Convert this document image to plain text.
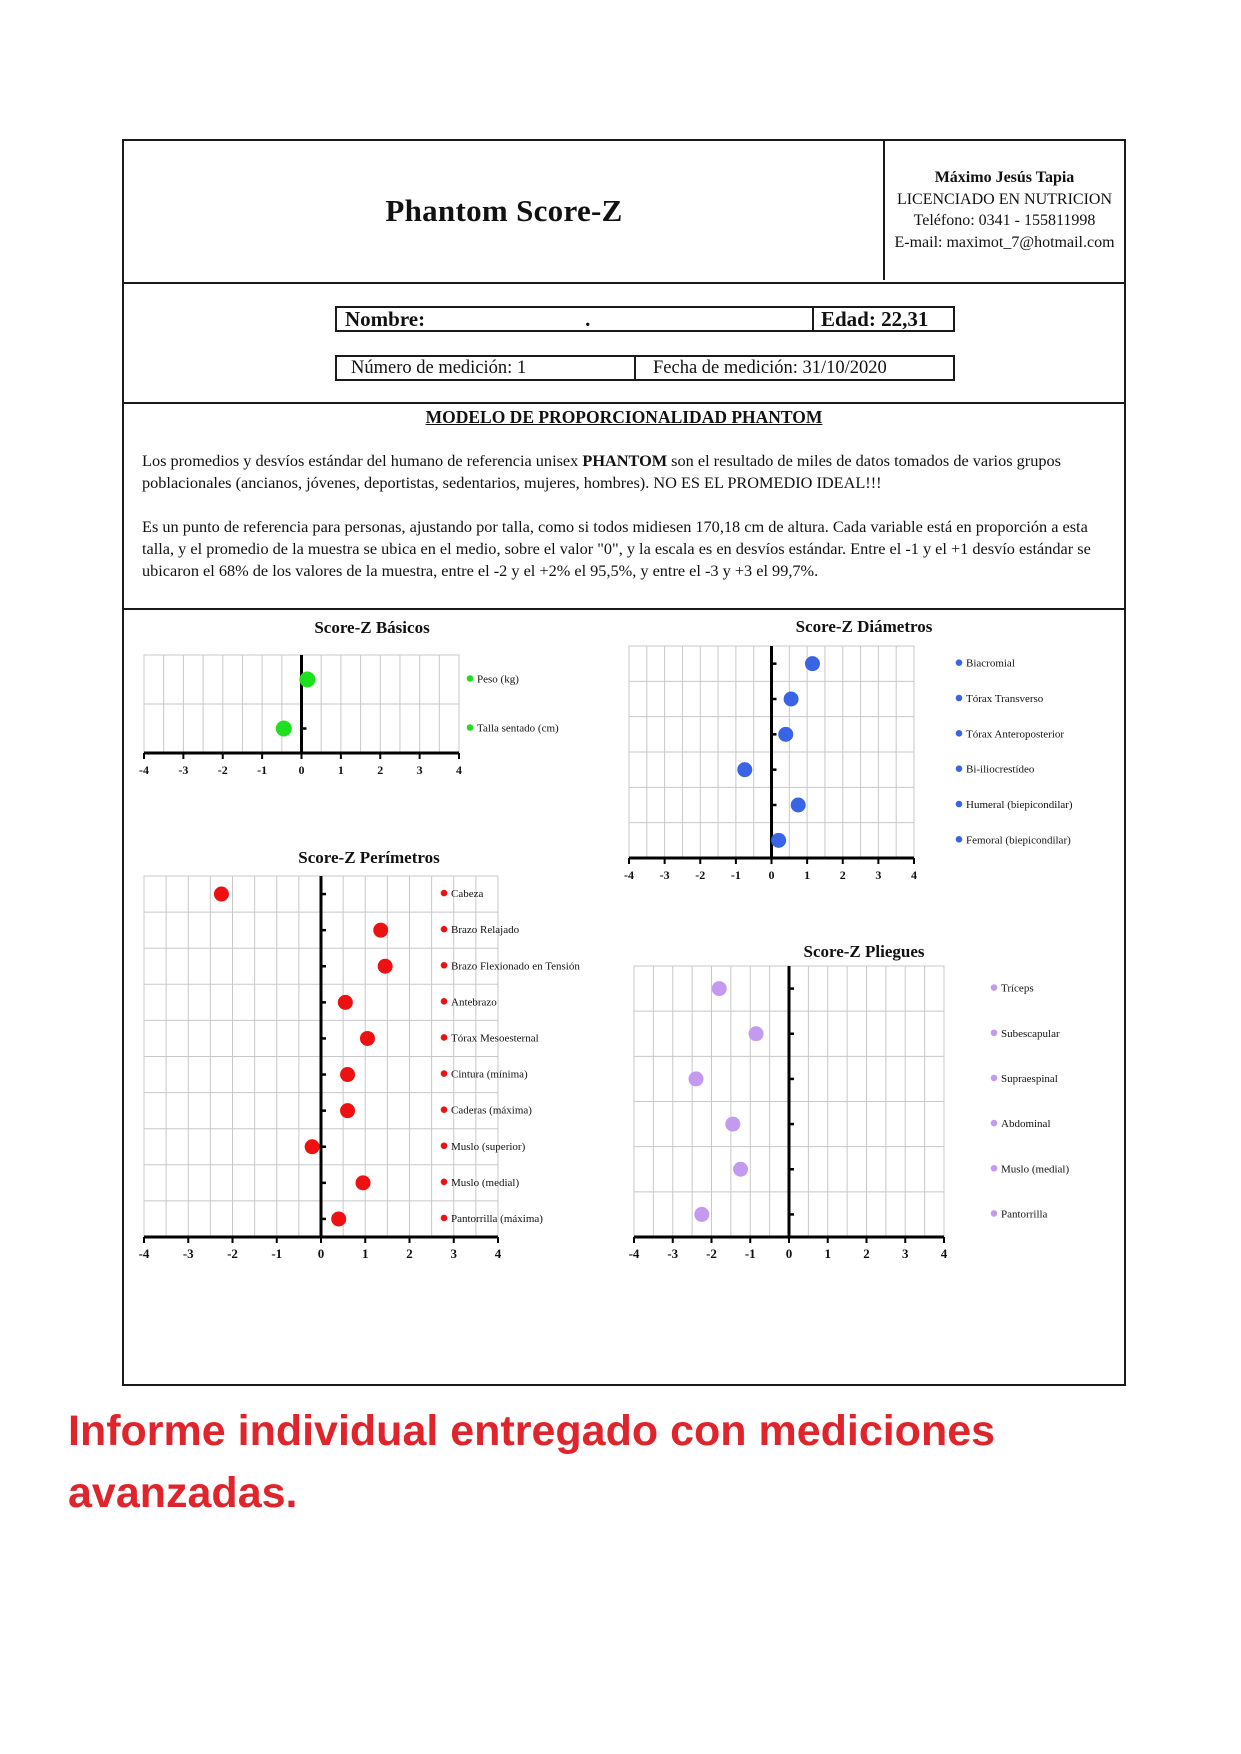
Phantom Score-Z
Máximo Jesús Tapia
LICENCIADO EN NUTRICION
Teléfono: 0341 - 155811998
E-mail: maximot_7@hotmail.com
Nombre:	.	Edad: 22,31
Número de medición: 1	Fecha de medición: 31/10/2020
MODELO DE PROPORCIONALIDAD PHANTOM

Los promedios y desvíos estándar del humano de referencia unisex PHANTOM son el resultado de miles de datos tomados de varios grupos poblacionales (ancianos, jóvenes, deportistas, sedentarios, mujeres, hombres). NO ES EL PROMEDIO IDEAL!!!

Es un punto de referencia para personas, ajustando por talla, como si todos midiesen 170,18 cm de altura. Cada variable está en proporción a esta talla, y el promedio de la muestra se ubica en el medio, sobre el valor "0", y la escala es en desvíos estándar. Entre el -1 y el +1 desvío estándar se ubicaron el 68% de los valores de la muestra, entre el -2 y el +2% el 95,5%, y entre el -3 y +3 el 99,7%.

Score-Z Básicos
-4 -3 -2 -1	0	1	2	3	4
Peso (kg)
Talla sentado (cm)
Score-Z Diámetros
-4 -3 -2 -1 0 1 2 3 4
Biacromial
Tórax Transverso
Tórax Anteroposterior
Bi-iliocrestídeo
Humeral (biepicondilar)
Femoral (biepicondilar)
Score-Z Perímetros
-4	-3	-2	-1	0	1	2	3	4
Cabeza
Brazo Relajado
Brazo Flexionado en Tensión
Antebrazo
Tórax Mesoesternal
Cintura (mínima)
Caderas (máxima)
Muslo (superior)
Muslo (medial)
Pantorrilla (máxima)
Score-Z Pliegues
-4 -3 -2 -1 0 1 2 3 4
Tríceps
Subescapular
Supraespinal
Abdominal
Muslo (medial)
Pantorrilla
Informe individual entregado con mediciones avanzadas.
